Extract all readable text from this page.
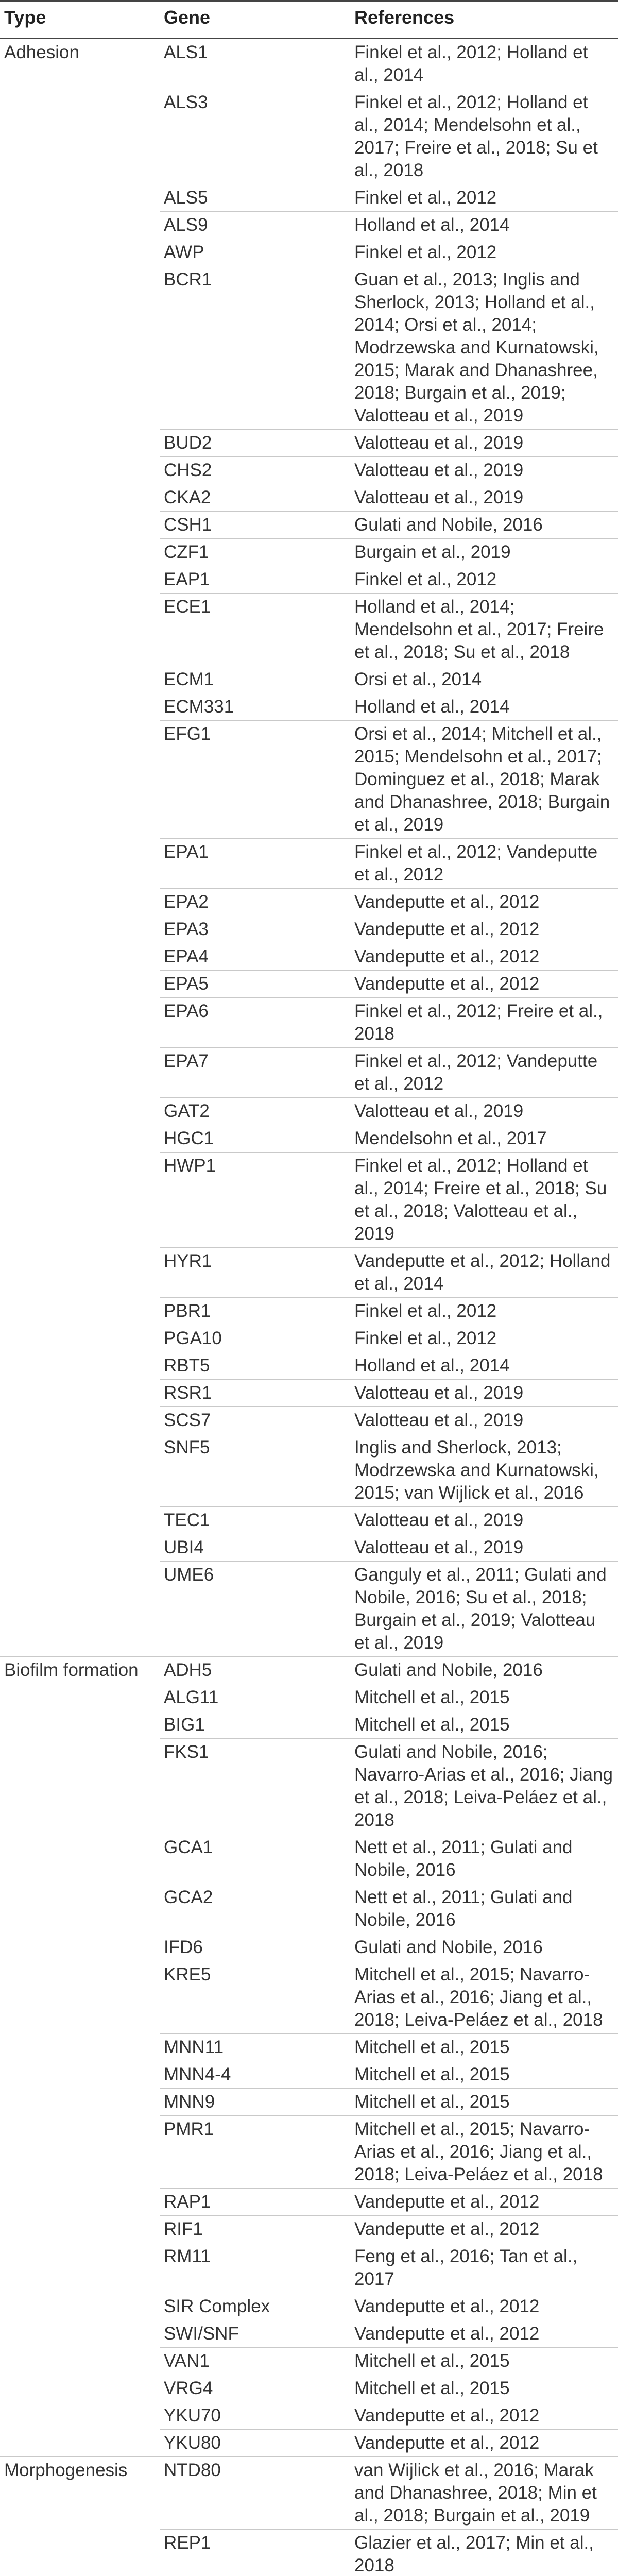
Type	Gene	References
Adhesion	ALS1	Finkel et al., 2012; Holland et al., 2014
	ALS3	Finkel et al., 2012; Holland et al., 2014; Mendelsohn et al., 2017; Freire et al., 2018; Su et al., 2018
	ALS5	Finkel et al., 2012
	ALS9	Holland et al., 2014
	AWP	Finkel et al., 2012
	BCR1	Guan et al., 2013; Inglis and Sherlock, 2013; Holland et al., 2014; Orsi et al., 2014; Modrzewska and Kurnatowski, 2015; Marak and Dhanashree, 2018; Burgain et al., 2019; Valotteau et al., 2019
	BUD2	Valotteau et al., 2019
	CHS2	Valotteau et al., 2019
	CKA2	Valotteau et al., 2019
	CSH1	Gulati and Nobile, 2016
	CZF1	Burgain et al., 2019
	EAP1	Finkel et al., 2012
	ECE1	Holland et al., 2014; Mendelsohn et al., 2017; Freire et al., 2018; Su et al., 2018
	ECM1	Orsi et al., 2014
	ECM331	Holland et al., 2014
	EFG1	Orsi et al., 2014; Mitchell et al., 2015; Mendelsohn et al., 2017; Dominguez et al., 2018; Marak and Dhanashree, 2018; Burgain et al., 2019
	EPA1	Finkel et al., 2012; Vandeputte et al., 2012
	EPA2	Vandeputte et al., 2012
	EPA3	Vandeputte et al., 2012
	EPA4	Vandeputte et al., 2012
	EPA5	Vandeputte et al., 2012
	EPA6	Finkel et al., 2012; Freire et al., 2018
	EPA7	Finkel et al., 2012; Vandeputte et al., 2012
	GAT2	Valotteau et al., 2019
	HGC1	Mendelsohn et al., 2017
	HWP1	Finkel et al., 2012; Holland et al., 2014; Freire et al., 2018; Su et al., 2018; Valotteau et al., 2019
	HYR1	Vandeputte et al., 2012; Holland et al., 2014
	PBR1	Finkel et al., 2012
	PGA10	Finkel et al., 2012
	RBT5	Holland et al., 2014
	RSR1	Valotteau et al., 2019
	SCS7	Valotteau et al., 2019
	SNF5	Inglis and Sherlock, 2013; Modrzewska and Kurnatowski, 2015; van Wijlick et al., 2016
	TEC1	Valotteau et al., 2019
	UBI4	Valotteau et al., 2019
	UME6	Ganguly et al., 2011; Gulati and Nobile, 2016; Su et al., 2018; Burgain et al., 2019; Valotteau et al., 2019
Biofilm formation	ADH5	Gulati and Nobile, 2016
	ALG11	Mitchell et al., 2015
	BIG1	Mitchell et al., 2015
	FKS1	Gulati and Nobile, 2016; Navarro-Arias et al., 2016; Jiang et al., 2018; Leiva-Peláez et al., 2018
	GCA1	Nett et al., 2011; Gulati and Nobile, 2016
	GCA2	Nett et al., 2011; Gulati and Nobile, 2016
	IFD6	Gulati and Nobile, 2016
	KRE5	Mitchell et al., 2015; Navarro-Arias et al., 2016; Jiang et al., 2018; Leiva-Peláez et al., 2018
	MNN11	Mitchell et al., 2015
	MNN4-4	Mitchell et al., 2015
	MNN9	Mitchell et al., 2015
	PMR1	Mitchell et al., 2015; Navarro-Arias et al., 2016; Jiang et al., 2018; Leiva-Peláez et al., 2018
	RAP1	Vandeputte et al., 2012
	RIF1	Vandeputte et al., 2012
	RM11	Feng et al., 2016; Tan et al., 2017
	SIR Complex	Vandeputte et al., 2012
	SWI/SNF	Vandeputte et al., 2012
	VAN1	Mitchell et al., 2015
	VRG4	Mitchell et al., 2015
	YKU70	Vandeputte et al., 2012
	YKU80	Vandeputte et al., 2012
Morphogenesis	NTD80	van Wijlick et al., 2016; Marak and Dhanashree, 2018; Min et al., 2018; Burgain et al., 2019
	REP1	Glazier et al., 2017; Min et al., 2018
